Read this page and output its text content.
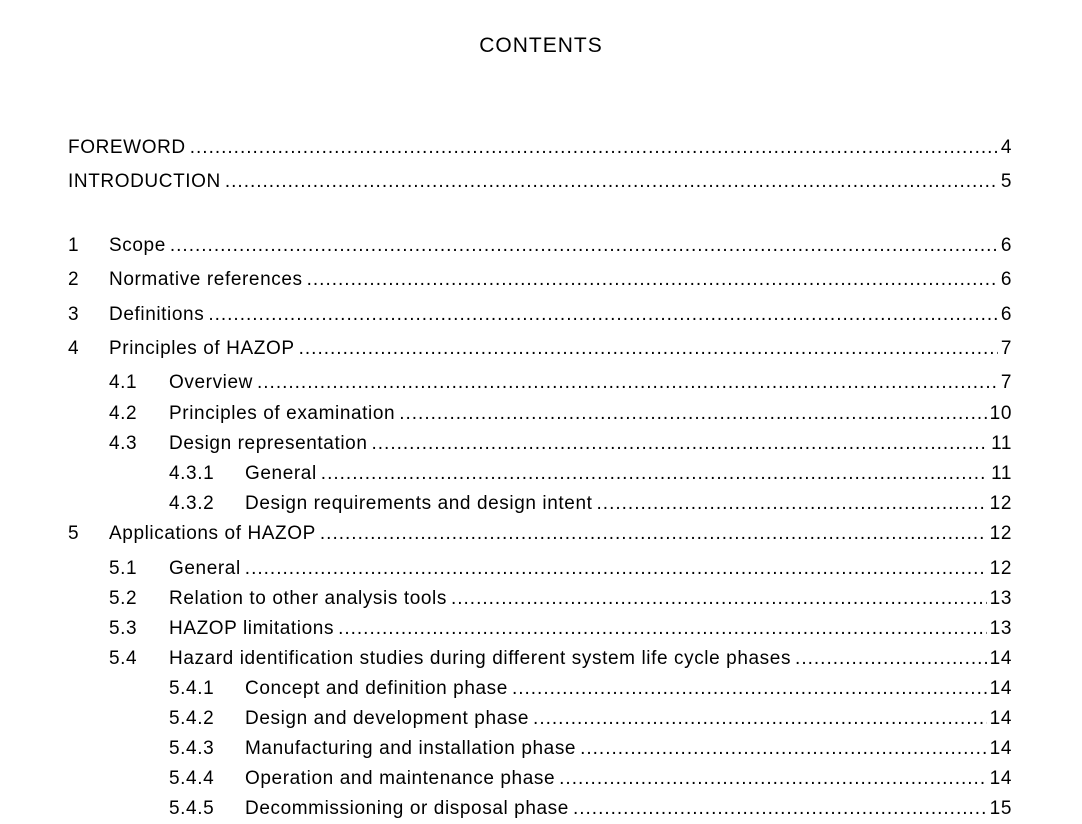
CONTENTS
FOREWORD .....	4
INTRODUCTION .....	5
1	Scope .....	6
2	Normative references .....	6
3	Definitions .....	6
4	Principles of HAZOP .....	7
4.1	Overview .....	7
4.2	Principles of examination .....	10
4.3	Design representation .....	11
4.3.1	General .....	11
4.3.2	Design requirements and design intent .....	12
5	Applications of HAZOP .....	12
5.1	General .....	12
5.2	Relation to other analysis tools .....	13
5.3	HAZOP limitations .....	13
5.4	Hazard identification studies during different system life cycle phases .....	14
5.4.1	Concept and definition phase .....	14
5.4.2	Design and development phase .....	14
5.4.3	Manufacturing and installation phase .....	14
5.4.4	Operation and maintenance phase .....	14
5.4.5	Decommissioning or disposal phase .....	15
